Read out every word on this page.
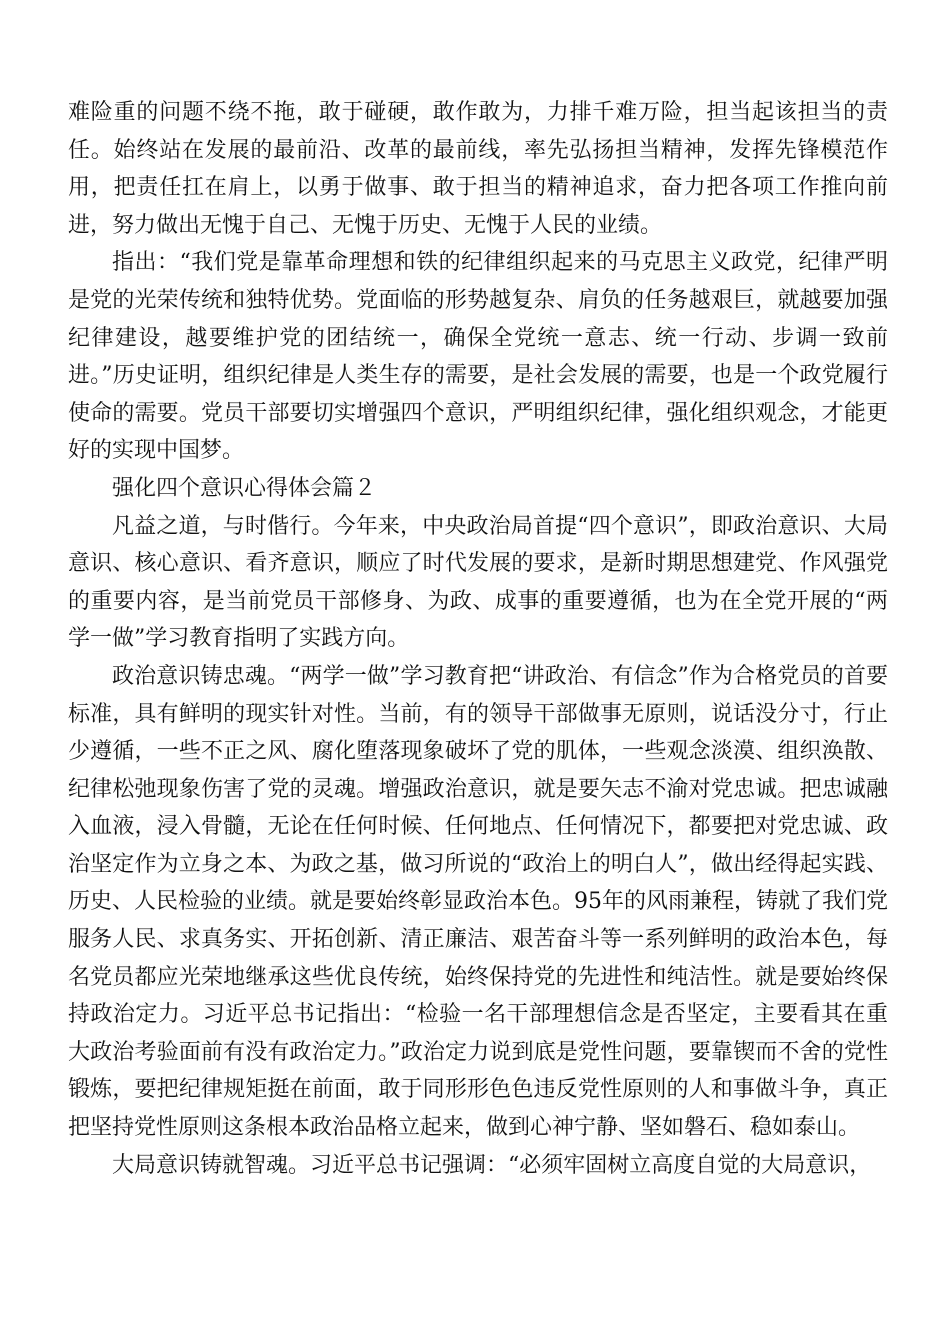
难险重的问题不绕不拖，敢于碰硬，敢作敢为，力排千难万险，担当起该担当的责任。始终站在发展的最前沿、改革的最前线，率先弘扬担当精神，发挥先锋模范作用，把责任扛在肩上，以勇于做事、敢于担当的精神追求，奋力把各项工作推向前进，努力做出无愧于自己、无愧于历史、无愧于人民的业绩。

指出：“我们党是靠革命理想和铁的纪律组织起来的马克思主义政党，纪律严明是党的光荣传统和独特优势。党面临的形势越复杂、肩负的任务越艰巨，就越要加强纪律建设，越要维护党的团结统一，确保全党统一意志、统一行动、步调一致前进。”历史证明，组织纪律是人类生存的需要，是社会发展的需要，也是一个政党履行使命的需要。党员干部要切实增强四个意识，严明组织纪律，强化组织观念，才能更好的实现中国梦。

强化四个意识心得体会篇２

凡益之道，与时偕行。今年来，中央政治局首提“四个意识”，即政治意识、大局意识、核心意识、看齐意识，顺应了时代发展的要求，是新时期思想建党、作风强党的重要内容，是当前党员干部修身、为政、成事的重要遵循，也为在全党开展的“两学一做”学习教育指明了实践方向。

政治意识铸忠魂。“两学一做”学习教育把“讲政治、有信念”作为合格党员的首要标准，具有鲜明的现实针对性。当前，有的领导干部做事无原则，说话没分寸，行止少遵循，一些不正之风、腐化堕落现象破坏了党的肌体，一些观念淡漠、组织涣散、纪律松弛现象伤害了党的灵魂。增强政治意识，就是要矢志不渝对党忠诚。把忠诚融入血液，浸入骨髓，无论在任何时候、任何地点、任何情况下，都要把对党忠诚、政治坚定作为立身之本、为政之基，做习所说的“政治上的明白人”，做出经得起实践、历史、人民检验的业绩。就是要始终彰显政治本色。95年的风雨兼程，铸就了我们党服务人民、求真务实、开拓创新、清正廉洁、艰苦奋斗等一系列鲜明的政治本色，每名党员都应光荣地继承这些优良传统，始终保持党的先进性和纯洁性。就是要始终保持政治定力。习近平总书记指出：“检验一名干部理想信念是否坚定，主要看其在重大政治考验面前有没有政治定力。”政治定力说到底是党性问题，要靠锲而不舍的党性锻炼，要把纪律规矩挺在前面，敢于同形形色色违反党性原则的人和事做斗争，真正把坚持党性原则这条根本政治品格立起来，做到心神宁静、坚如磐石、稳如泰山。

大局意识铸就智魂。习近平总书记强调：“必须牢固树立高度自觉的大局意识，
